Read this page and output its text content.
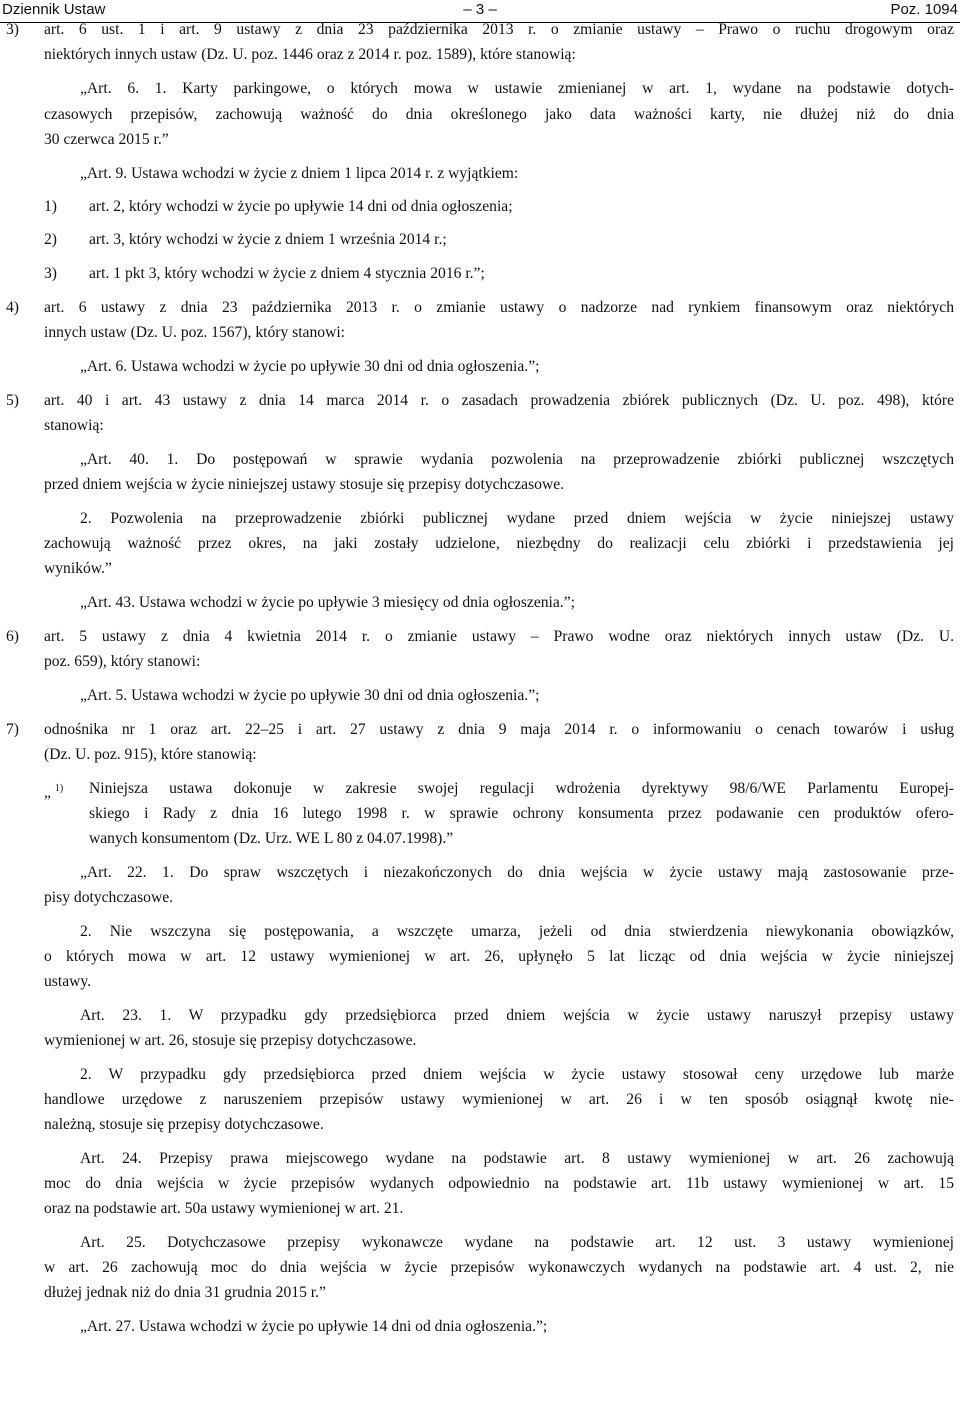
Dziennik Ustaw	– 3 –	Poz. 1094
3) art. 6 ust. 1 i art. 9 ustawy z dnia 23 października 2013 r. o zmianie ustawy – Prawo o ruchu drogowym oraz
niektórych innych ustaw (Dz. U. poz. 1446 oraz z 2014 r. poz. 1589), które stanowią:
„Art. 6. 1. Karty parkingowe, o których mowa w ustawie zmienianej w art. 1, wydane na podstawie dotych-
czasowych przepisów, zachowują ważność do dnia określonego jako data ważności karty, nie dłużej niż do dnia
30 czerwca 2015 r.”
„Art. 9. Ustawa wchodzi w życie z dniem 1 lipca 2014 r. z wyjątkiem:
1) art. 2, który wchodzi w życie po upływie 14 dni od dnia ogłoszenia;
2) art. 3, który wchodzi w życie z dniem 1 września 2014 r.;
3) art. 1 pkt 3, który wchodzi w życie z dniem 4 stycznia 2016 r.”;
4) art. 6 ustawy z dnia 23 października 2013 r. o zmianie ustawy o nadzorze nad rynkiem finansowym oraz niektórych
innych ustaw (Dz. U. poz. 1567), który stanowi:
„Art. 6. Ustawa wchodzi w życie po upływie 30 dni od dnia ogłoszenia.”;
5) art. 40 i art. 43 ustawy z dnia 14 marca 2014 r. o zasadach prowadzenia zbiórek publicznych (Dz. U. poz. 498), które
stanowią:
„Art. 40. 1. Do postępowań w sprawie wydania pozwolenia na przeprowadzenie zbiórki publicznej wszczętych
przed dniem wejścia w życie niniejszej ustawy stosuje się przepisy dotychczasowe.
2. Pozwolenia na przeprowadzenie zbiórki publicznej wydane przed dniem wejścia w życie niniejszej ustawy
zachowują ważność przez okres, na jaki zostały udzielone, niezbędny do realizacji celu zbiórki i przedstawienia jej
wyników.”
„Art. 43. Ustawa wchodzi w życie po upływie 3 miesięcy od dnia ogłoszenia.”;
6) art. 5 ustawy z dnia 4 kwietnia 2014 r. o zmianie ustawy – Prawo wodne oraz niektórych innych ustaw (Dz. U.
poz. 659), który stanowi:
„Art. 5. Ustawa wchodzi w życie po upływie 30 dni od dnia ogłoszenia.”;
7) odnośnika nr 1 oraz art. 22–25 i art. 27 ustawy z dnia 9 maja 2014 r. o informowaniu o cenach towarów i usług
(Dz. U. poz. 915), które stanowią:
„ $^{1)}$ Niniejsza ustawa dokonuje w zakresie swojej regulacji wdrożenia dyrektywy 98/6/WE Parlamentu Europej-
skiego i Rady z dnia 16 lutego 1998 r. w sprawie ochrony konsumenta przez podawanie cen produktów ofero-
wanych konsumentom (Dz. Urz. WE L 80 z 04.07.1998).”
„Art. 22. 1. Do spraw wszczętych i niezakończonych do dnia wejścia w życie ustawy mają zastosowanie prze-
pisy dotychczasowe.
2. Nie wszczyna się postępowania, a wszczęte umarza, jeżeli od dnia stwierdzenia niewykonania obowiązków,
o których mowa w art. 12 ustawy wymienionej w art. 26, upłynęło 5 lat licząc od dnia wejścia w życie niniejszej
ustawy.
Art. 23. 1. W przypadku gdy przedsiębiorca przed dniem wejścia w życie ustawy naruszył przepisy ustawy
wymienionej w art. 26, stosuje się przepisy dotychczasowe.
2. W przypadku gdy przedsiębiorca przed dniem wejścia w życie ustawy stosował ceny urzędowe lub marże
handlowe urzędowe z naruszeniem przepisów ustawy wymienionej w art. 26 i w ten sposób osiągnął kwotę nie-
należną, stosuje się przepisy dotychczasowe.
Art. 24. Przepisy prawa miejscowego wydane na podstawie art. 8 ustawy wymienionej w art. 26 zachowują
moc do dnia wejścia w życie przepisów wydanych odpowiednio na podstawie art. 11b ustawy wymienionej w art. 15
oraz na podstawie art. 50a ustawy wymienionej w art. 21.
Art. 25. Dotychczasowe przepisy wykonawcze wydane na podstawie art. 12 ust. 3 ustawy wymienionej
w art. 26 zachowują moc do dnia wejścia w życie przepisów wykonawczych wydanych na podstawie art. 4 ust. 2, nie
dłużej jednak niż do dnia 31 grudnia 2015 r.”
„Art. 27. Ustawa wchodzi w życie po upływie 14 dni od dnia ogłoszenia.”;
